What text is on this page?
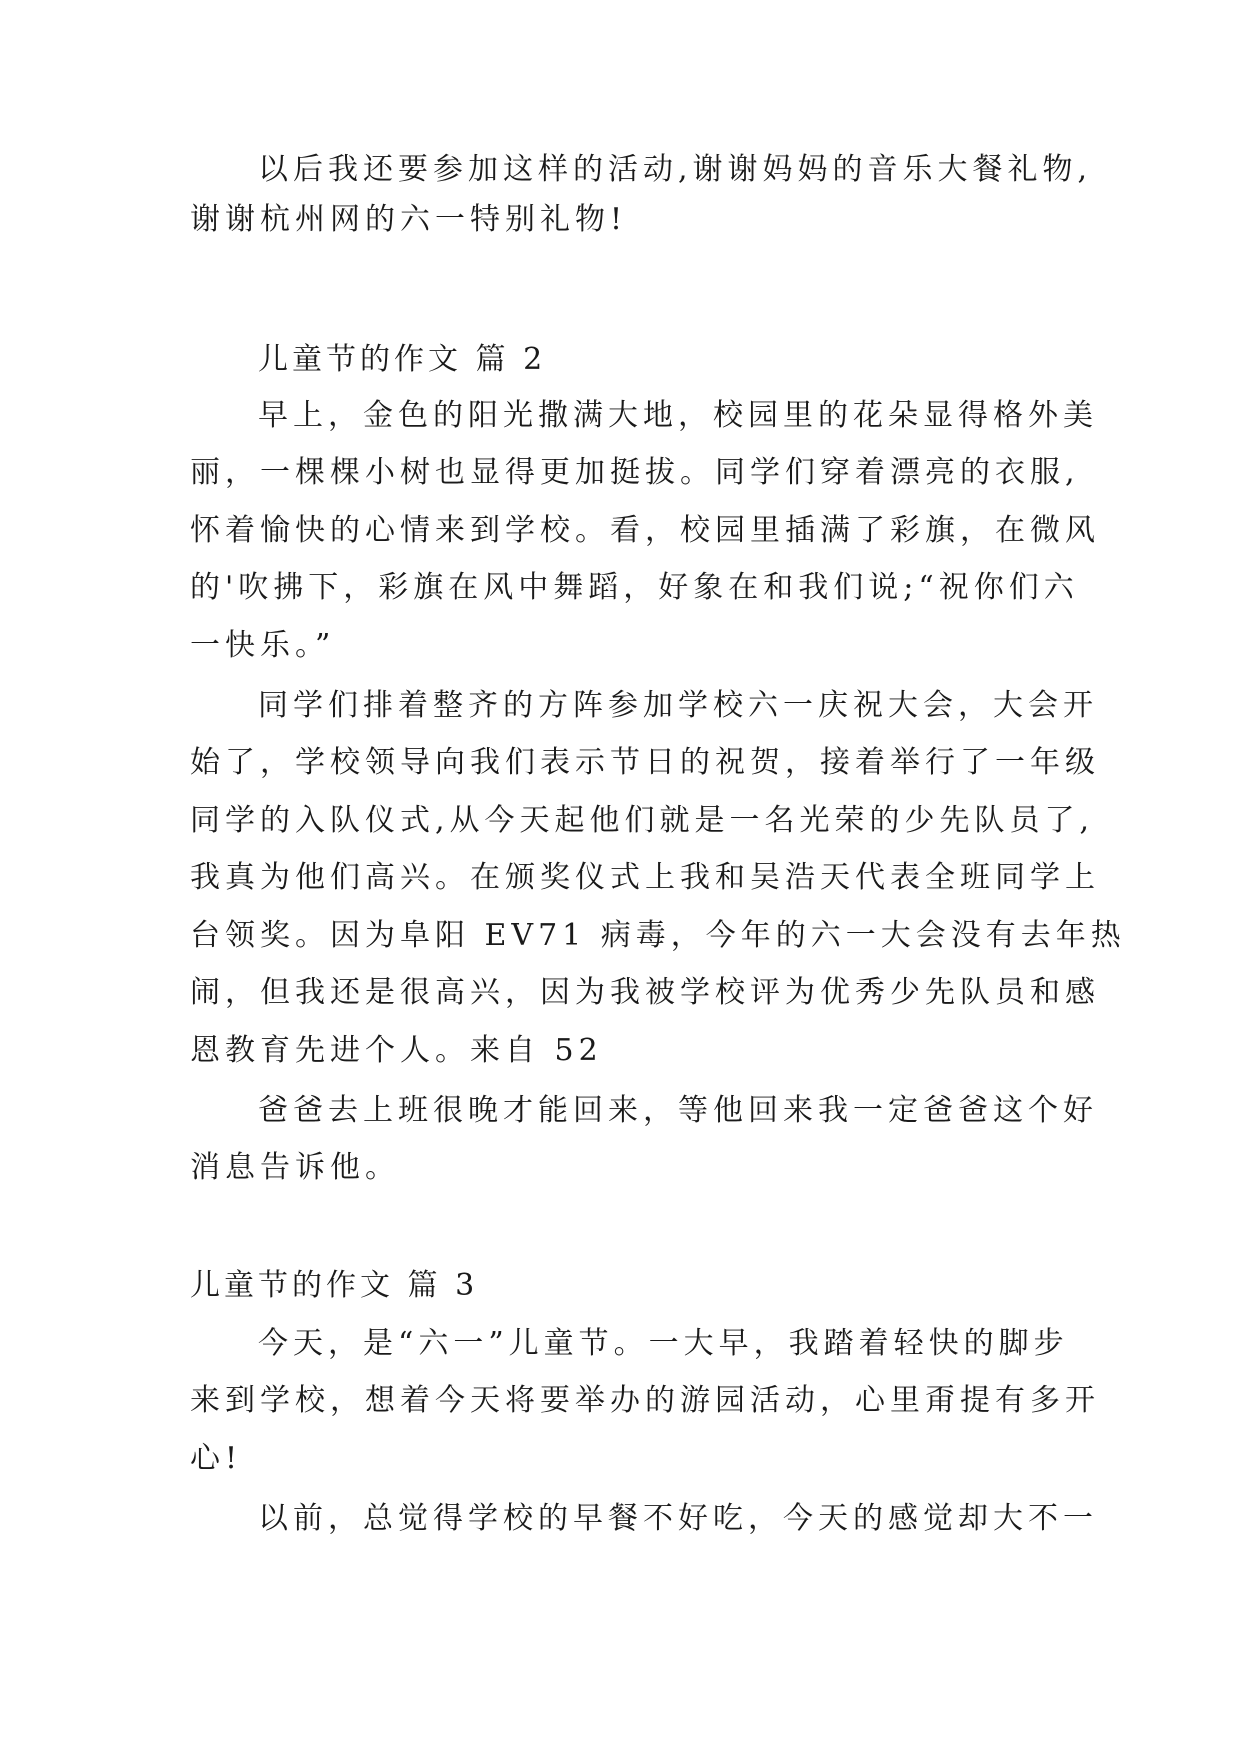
以后我还要参加这样的活动,谢谢妈妈的音乐大餐礼物,

谢谢杭州网的六一特别礼物!

儿童节的作文 篇 2

早上，金色的阳光撒满大地，校园里的花朵显得格外美

丽，一棵棵小树也显得更加挺拔。同学们穿着漂亮的衣服,

怀着愉快的心情来到学校。看，校园里插满了彩旗，在微风

的'吹拂下，彩旗在风中舞蹈，好象在和我们说;“祝你们六

一快乐。”

同学们排着整齐的方阵参加学校六一庆祝大会，大会开

始了，学校领导向我们表示节日的祝贺，接着举行了一年级

同学的入队仪式,从今天起他们就是一名光荣的少先队员了,

我真为他们高兴。在颁奖仪式上我和吴浩天代表全班同学上

台领奖。因为阜阳 EV71 病毒，今年的六一大会没有去年热

闹，但我还是很高兴，因为我被学校评为优秀少先队员和感

恩教育先进个人。来自 52

爸爸去上班很晚才能回来，等他回来我一定爸爸这个好

消息告诉他。

儿童节的作文 篇 3

今天，是“六一”儿童节。一大早，我踏着轻快的脚步

来到学校，想着今天将要举办的游园活动，心里甭提有多开

心!

以前，总觉得学校的早餐不好吃，今天的感觉却大不一
